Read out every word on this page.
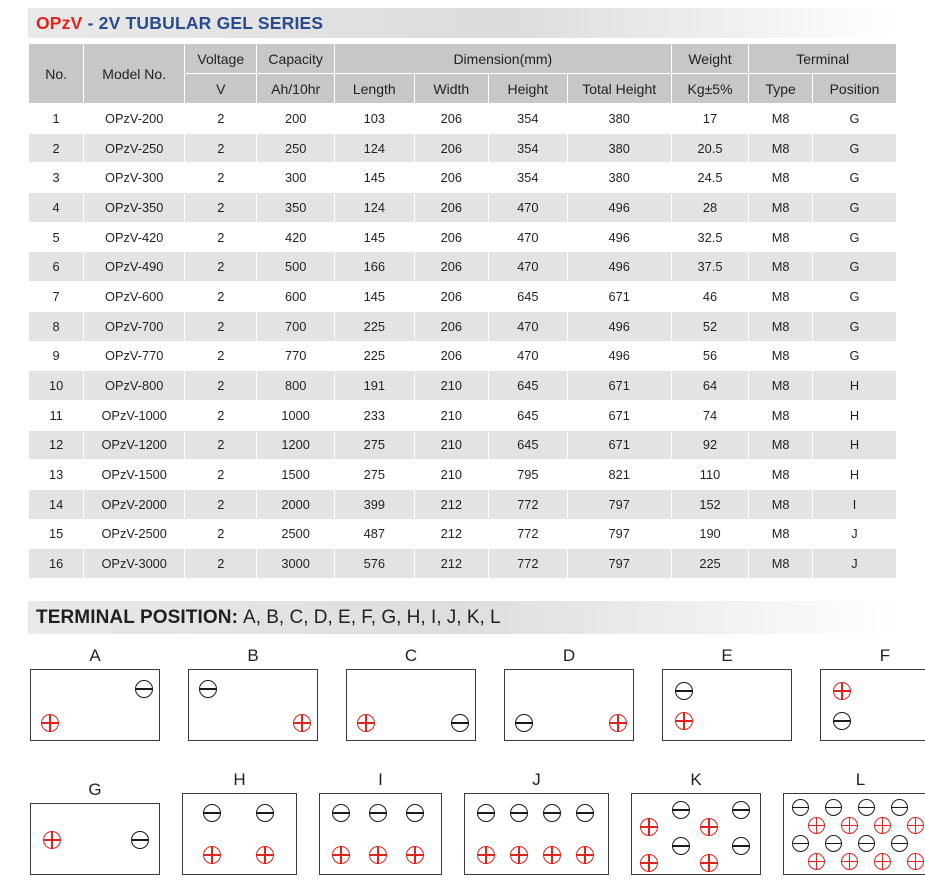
OPzV - 2V TUBULAR GEL SERIES
No.	Model No.	Voltage	Capacity	Dimension(mm)				Weight	Terminal	
		V	Ah/10hr	Length	Width	Height	Total Height	Kg±5%	Type	Position
1	OPzV-200	2	200	103	206	354	380	17	M8	G
2	OPzV-250	2	250	124	206	354	380	20.5	M8	G
3	OPzV-300	2	300	145	206	354	380	24.5	M8	G
4	OPzV-350	2	350	124	206	470	496	28	M8	G
5	OPzV-420	2	420	145	206	470	496	32.5	M8	G
6	OPzV-490	2	500	166	206	470	496	37.5	M8	G
7	OPzV-600	2	600	145	206	645	671	46	M8	G
8	OPzV-700	2	700	225	206	470	496	52	M8	G
9	OPzV-770	2	770	225	206	470	496	56	M8	G
10	OPzV-800	2	800	191	210	645	671	64	M8	H
11	OPzV-1000	2	1000	233	210	645	671	74	M8	H
12	OPzV-1200	2	1200	275	210	645	671	92	M8	H
13	OPzV-1500	2	1500	275	210	795	821	110	M8	H
14	OPzV-2000	2	2000	399	212	772	797	152	M8	I
15	OPzV-2500	2	2500	487	212	772	797	190	M8	J
16	OPzV-3000	2	3000	576	212	772	797	225	M8	J
TERMINAL POSITION: A, B, C, D, E, F, G, H, I, J, K, L
A	B	C	D	E	F
G
H	I	J	K	L
